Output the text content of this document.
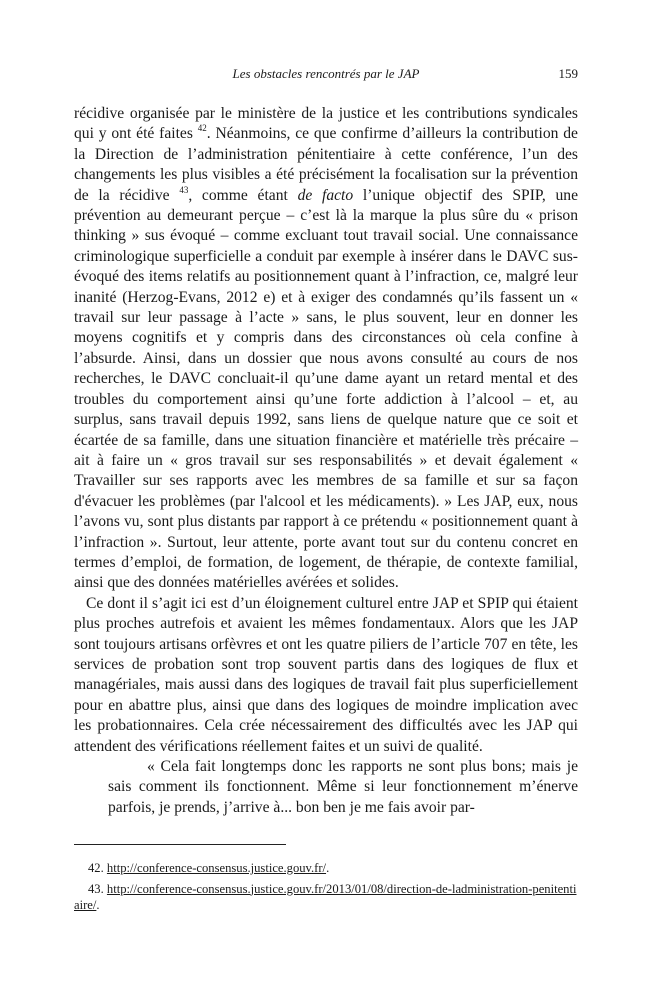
Les obstacles rencontrés par le JAP	159

récidive organisée par le ministère de la justice et les contributions syndicales qui y ont été faites $^{42}$. Néanmoins, ce que confirme d’ailleurs la contribution de la Direction de l’administration pénitentiaire à cette conférence, l’un des changements les plus visibles a été précisément la focalisation sur la prévention de la récidive $^{43}$, comme étant de facto l’unique objectif des SPIP, une prévention au demeurant perçue – c’est là la marque la plus sûre du « prison thinking » sus évoqué – comme excluant tout travail social. Une connaissance criminologique superficielle a conduit par exemple à insérer dans le DAVC sus-évoqué des items relatifs au positionnement quant à l’infraction, ce, malgré leur inanité (Herzog-Evans, 2012 e) et à exiger des condamnés qu’ils fassent un « travail sur leur passage à l’acte » sans, le plus souvent, leur en donner les moyens cognitifs et y compris dans des circonstances où cela confine à l’absurde. Ainsi, dans un dossier que nous avons consulté au cours de nos recherches, le DAVC concluait-il qu’une dame ayant un retard mental et des troubles du comportement ainsi qu’une forte addiction à l’alcool – et, au surplus, sans travail depuis 1992, sans liens de quelque nature que ce soit et écartée de sa famille, dans une situation financière et matérielle très précaire – ait à faire un « gros travail sur ses responsabilités » et devait également « Travailler sur ses rapports avec les membres de sa famille et sur sa façon d'évacuer les problèmes (par l'alcool et les médicaments). » Les JAP, eux, nous l’avons vu, sont plus distants par rapport à ce prétendu « positionnement quant à l’infraction ». Surtout, leur attente, porte avant tout sur du contenu concret en termes d’emploi, de formation, de logement, de thérapie, de contexte familial, ainsi que des données matérielles avérées et solides.

Ce dont il s’agit ici est d’un éloignement culturel entre JAP et SPIP qui étaient plus proches autrefois et avaient les mêmes fondamentaux. Alors que les JAP sont toujours artisans orfèvres et ont les quatre piliers de l’article 707 en tête, les services de probation sont trop souvent partis dans des logiques de flux et managériales, mais aussi dans des logiques de travail fait plus superficiellement pour en abattre plus, ainsi que dans des logiques de moindre implication avec les probationnaires. Cela crée nécessairement des difficultés avec les JAP qui attendent des vérifications réellement faites et un suivi de qualité.

« Cela fait longtemps donc les rapports ne sont plus bons; mais je sais comment ils fonctionnent. Même si leur fonctionnement m’énerve parfois, je prends, j’arrive à... bon ben je me fais avoir par-

42. http://conference-consensus.justice.gouv.fr/.

43. http://conference-consensus.justice.gouv.fr/2013/01/08/direction-de-ladministration-penitentiaire/.
